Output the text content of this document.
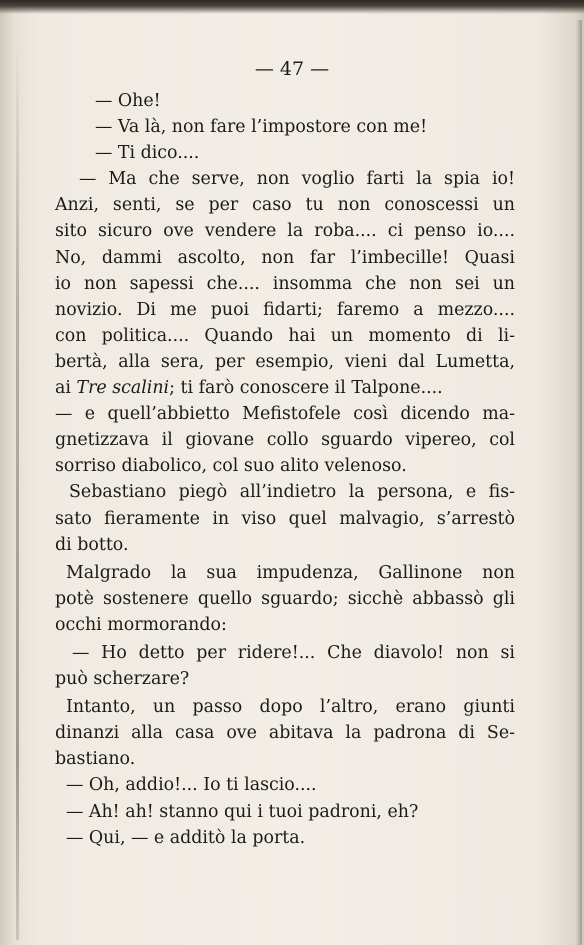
— 47 —
— Ohe!
— Va là, non fare l’impostore con me!
— Ti dico....
— Ma che serve, non voglio farti la spia io!
Anzi, senti, se per caso tu non conoscessi un
sito sicuro ove vendere la roba.... ci penso io....
No, dammi ascolto, non far l’imbecille! Quasi
io non sapessi che.... insomma che non sei un
novizio. Di me puoi fidarti; faremo a mezzo....
con politica.... Quando hai un momento di li-
bertà, alla sera, per esempio, vieni dal Lumetta,
ai Tre scalini; ti farò conoscere il Talpone....
— e quell’abbietto Mefistofele così dicendo ma-
gnetizzava il giovane collo sguardo vipereo, col
sorriso diabolico, col suo alito velenoso.
Sebastiano piegò all’indietro la persona, e fis-
sato fieramente in viso quel malvagio, s’arrestò
di botto.
Malgrado la sua impudenza, Gallinone non
potè sostenere quello sguardo; sicchè abbassò gli
occhi mormorando:
— Ho detto per ridere!... Che diavolo! non si
può scherzare?
Intanto, un passo dopo l’altro, erano giunti
dinanzi alla casa ove abitava la padrona di Se-
bastiano.
— Oh, addio!... Io ti lascio....
— Ah! ah! stanno qui i tuoi padroni, eh?
— Qui, — e additò la porta.
